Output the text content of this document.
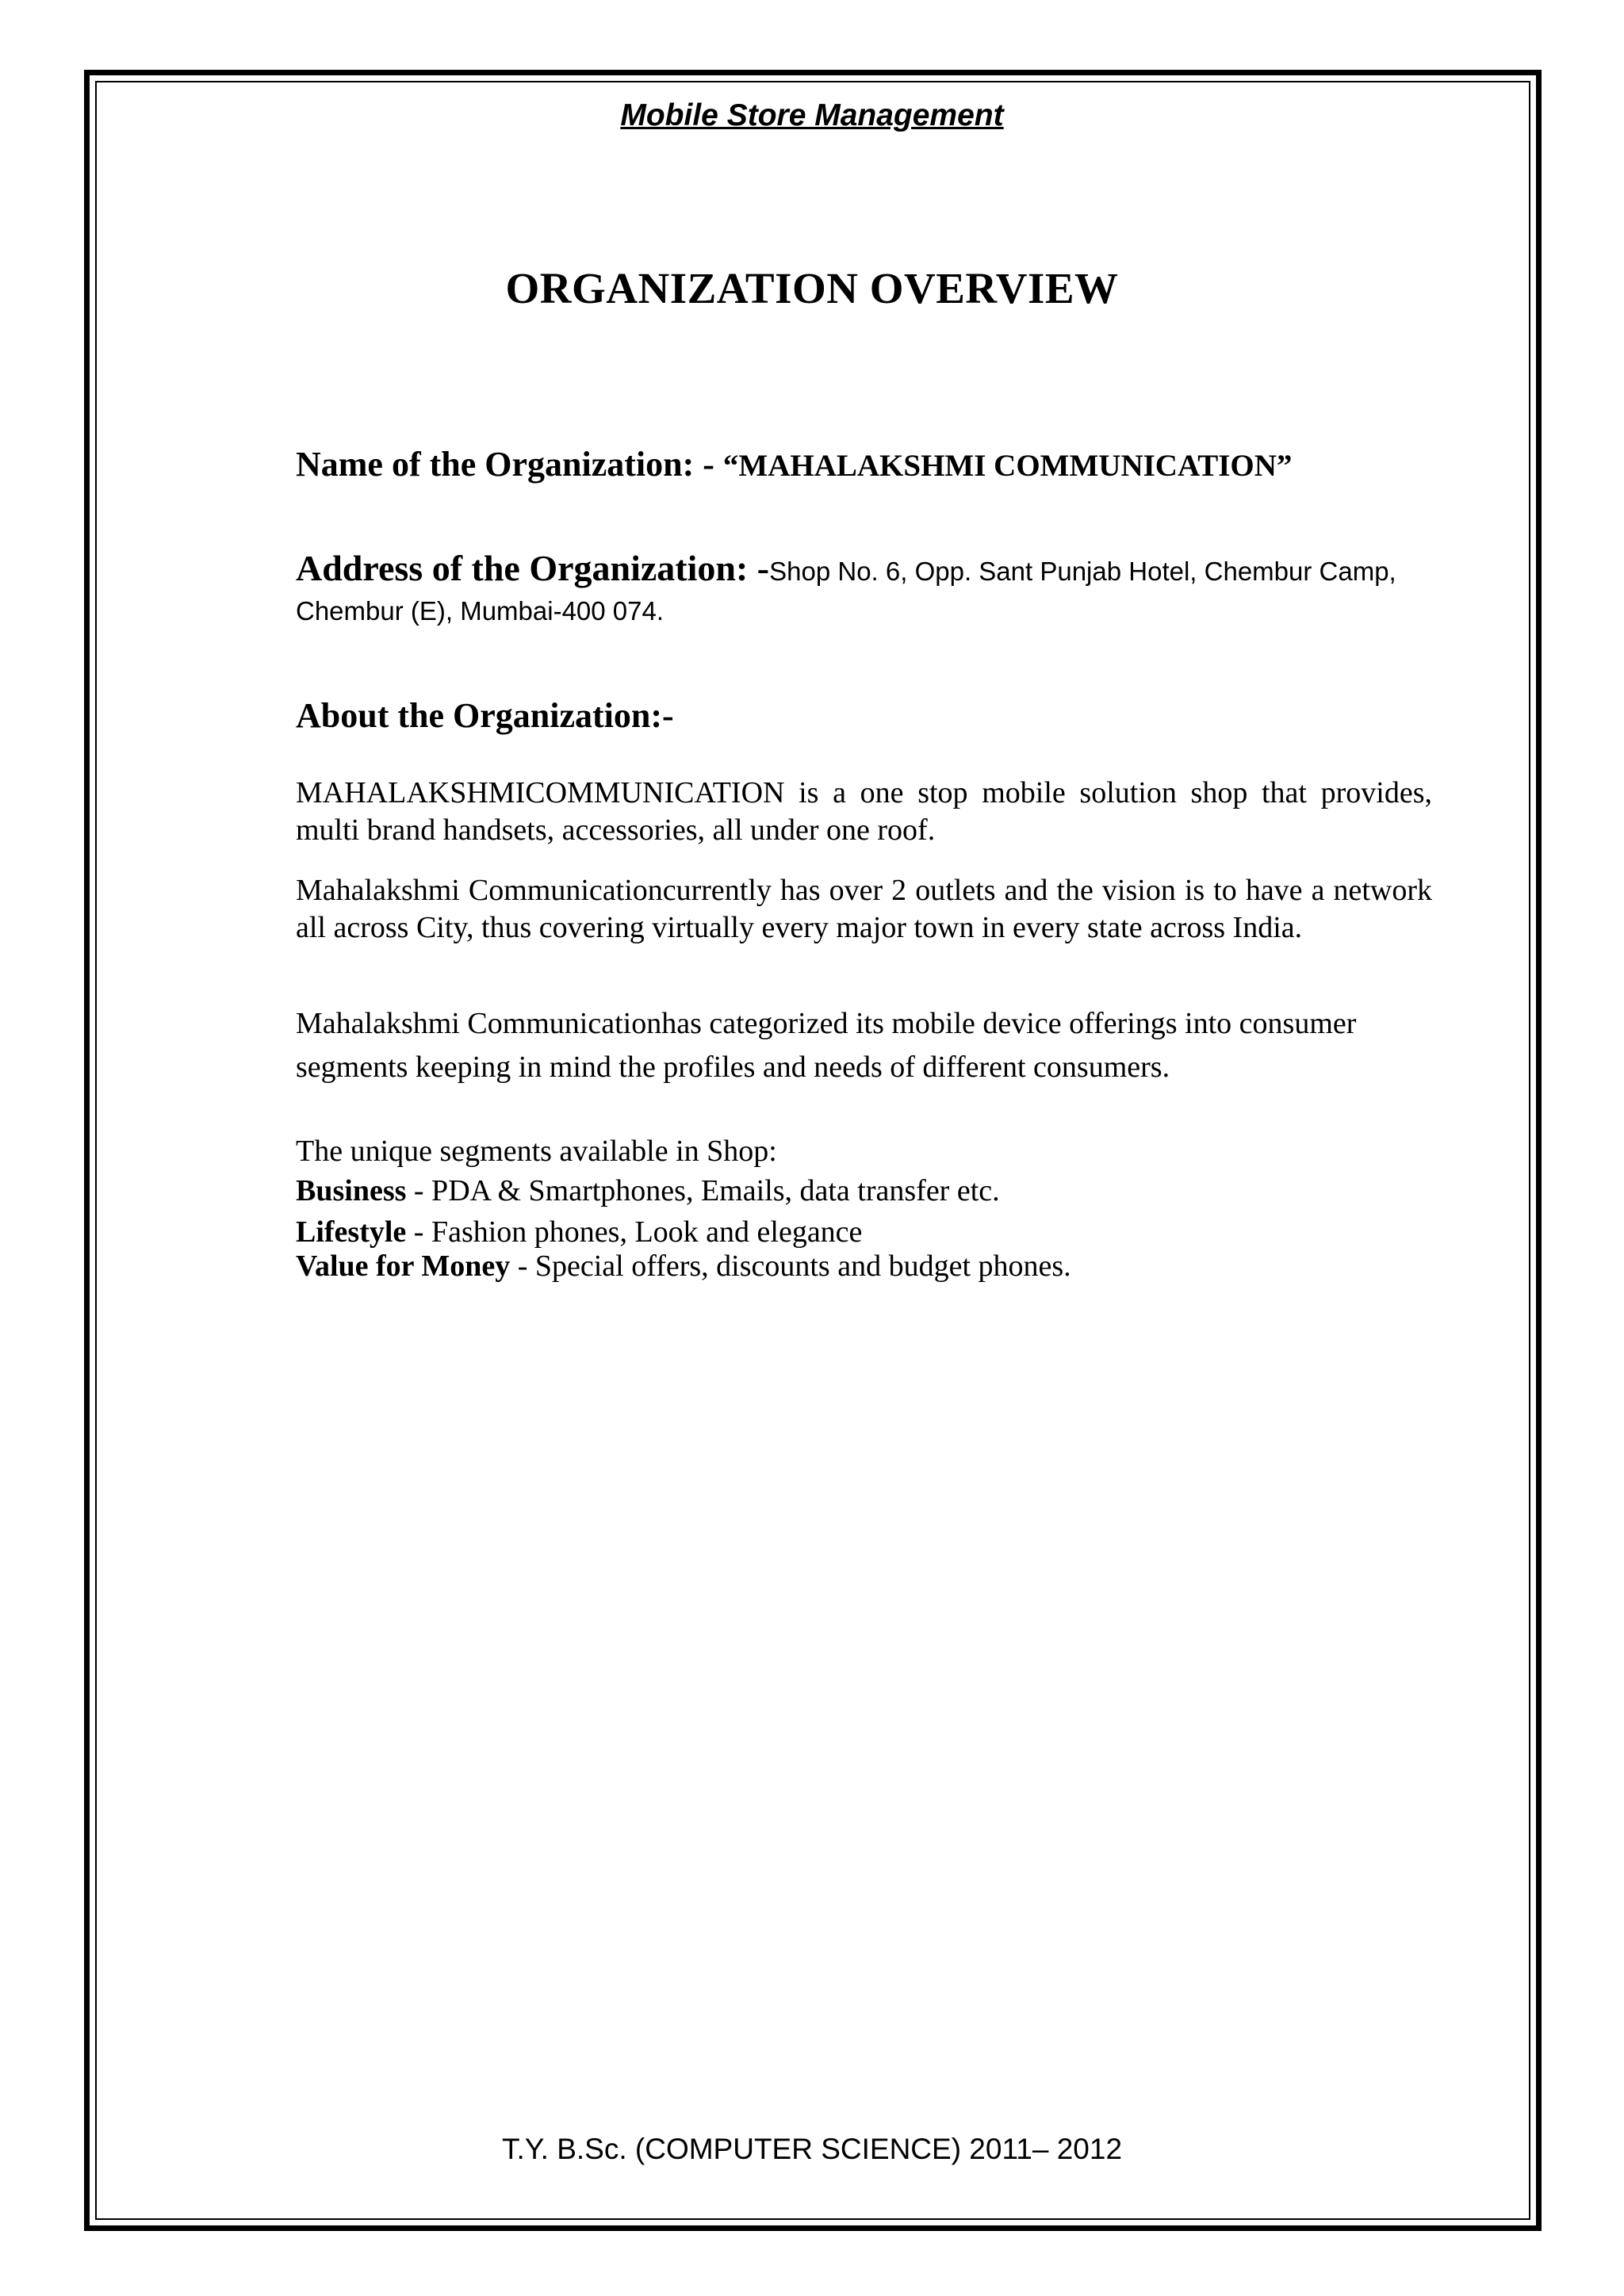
Mobile Store Management
ORGANIZATION OVERVIEW
Name of the Organization: - “MAHALAKSHMI COMMUNICATION”
Address of the Organization: -Shop No. 6, Opp. Sant Punjab Hotel, Chembur Camp, Chembur (E), Mumbai-400 074.
About the Organization:-
MAHALAKSHMICOMMUNICATION is a one stop mobile solution shop that provides, multi brand handsets, accessories, all under one roof.
Mahalakshmi Communicationcurrently has over 2 outlets and the vision is to have a network all across City, thus covering virtually every major town in every state across India.
Mahalakshmi Communicationhas categorized its mobile device offerings into consumer segments keeping in mind the profiles and needs of different consumers.
The unique segments available in Shop:
Business - PDA & Smartphones, Emails, data transfer etc.
Lifestyle - Fashion phones, Look and elegance
Value for Money - Special offers, discounts and budget phones.
T.Y. B.Sc. (COMPUTER SCIENCE) 2011– 2012
